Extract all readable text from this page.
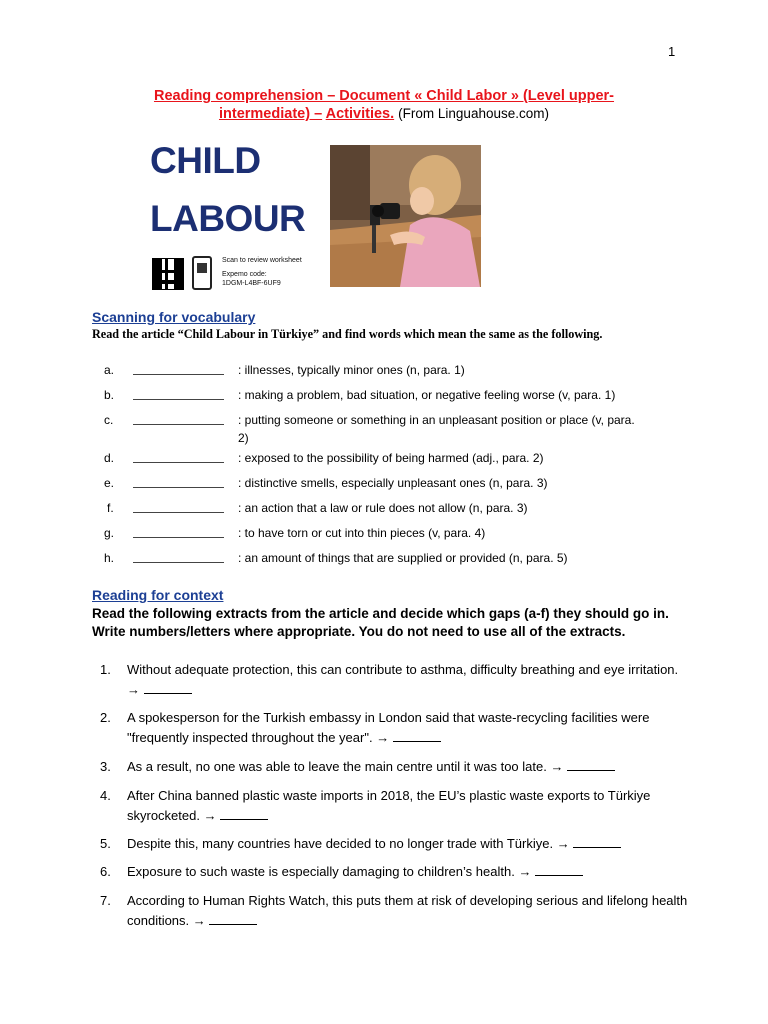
1
Reading comprehension – Document « Child Labor » (Level upper-
intermediate) – Activities. (From Linguahouse.com)
CHILD
LABOUR
Scan to review worksheet
Expemo code:
1DGM-L4BF-6UF9
Scanning for vocabulary
Read the article “Child Labour in Türkiye” and find words which mean the same as the following.
a.	: illnesses, typically minor ones (n, para. 1)
b.	: making a problem, bad situation, or negative feeling worse (v, para. 1)
c.	: putting someone or something in an unpleasant position or place (v, para.
2)
d.	: exposed to the possibility of being harmed (adj., para. 2)
e.	: distinctive smells, especially unpleasant ones (n, para. 3)
f.	: an action that a law or rule does not allow (n, para. 3)
g.	: to have torn or cut into thin pieces (v, para. 4)
h.	: an amount of things that are supplied or provided (n, para. 5)
Reading for context
Read the following extracts from the article and decide which gaps (a-f) they should go in. Write numbers/letters where appropriate. You do not need to use all of the extracts.
1. Without adequate protection, this can contribute to asthma, difficulty breathing and eye irritation.
→
2. A spokesperson for the Turkish embassy in London said that waste-recycling facilities were
"frequently inspected throughout the year". →
3. As a result, no one was able to leave the main centre until it was too late. →
4. After China banned plastic waste imports in 2018, the EU’s plastic waste exports to Türkiye
skyrocketed. →
5. Despite this, many countries have decided to no longer trade with Türkiye. →
6. Exposure to such waste is especially damaging to children’s health. →
7. According to Human Rights Watch, this puts them at risk of developing serious and lifelong health
conditions. →
